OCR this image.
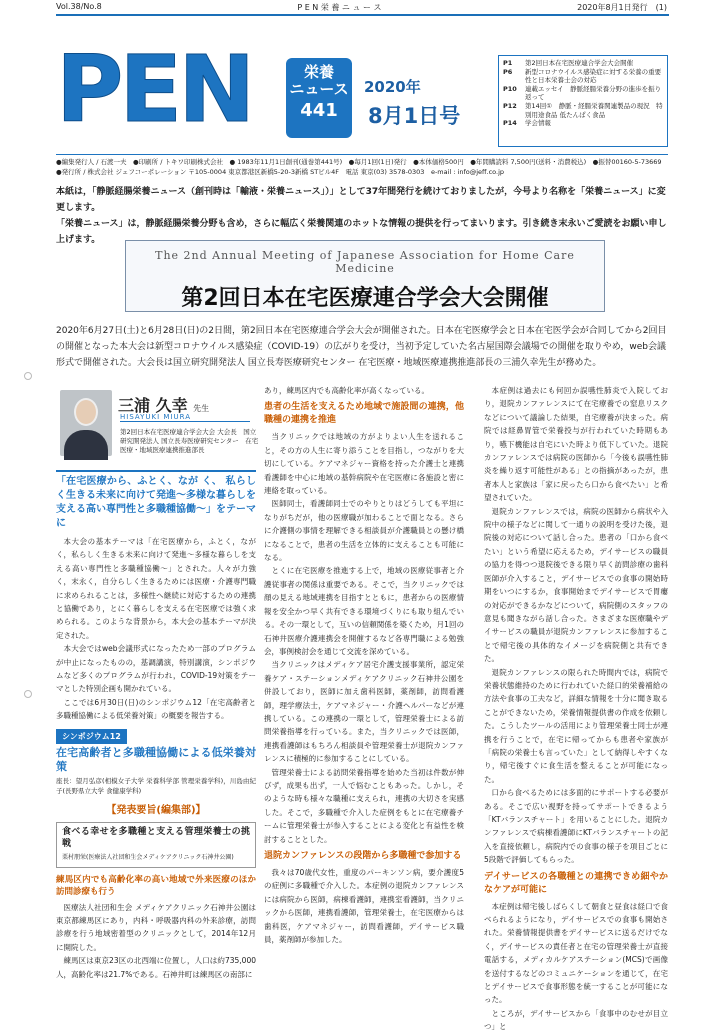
Vol.38/No.8	P E N 栄 養 ニ ュ ー ス	2020年8月1日発行　(1)
PEN	栄養
ニュース
441
2020年
8月1日号
P1	第2回日本在宅医療連合学会大会開催
P6	新型コロナウイルス感染症に対する栄養の重要性と日本栄養士会の対応
P10	連載エッセイ　静脈経腸栄養分野の進歩を振り返って
P12	第14回①　静脈・経腸栄養関連製品の現況　特別用途食品 低たんぱく食品
P14	学会情報
●編集発行人 / 石渡一夫　●印刷所 / トキワ印刷株式会社　● 1983年11月1日創刊(通巻第441号)　●毎月1回(1日)発行　●本体価格500円　●年間購読料 7,500円(送料・消費税込)　●振替00160-5-73669
●発行所 / 株式会社 ジェフコーポレーション 〒105-0004 東京都港区新橋5-20-3新橋 STビル4F　電話 東京(03) 3578-0303　e-mail : info@jeff.co.jp
本紙は，「静脈経腸栄養ニュース（創刊時は「輸液・栄養ニュース」）」として37年間発行を続けておりましたが，今号より名称を「栄養ニュース」に変更します。
「栄養ニュース」は，静脈経腸栄養分野も含め，さらに幅広く栄養関連のホットな情報の提供を行ってまいります。引き続き末永いご愛読をお願い申し上げます。
The 2nd Annual Meeting of Japanese Association for Home Care Medicine
第2回日本在宅医療連合学会大会開催
2020年6月27日(土)と6月28日(日)の2日間，第2回日本在宅医療連合学会大会が開催された。日本在宅医療学会と日本在宅医学会が合同してから2回目の開催となった本大会は新型コロナウイルス感染症（COVID-19）の広がりを受け，当初予定していた名古屋国際会議場での開催を取りやめ，web会議形式で開催された。大会長は国立研究開発法人 国立長寿医療研究センター 在宅医療・地域医療連携推進部長の三浦久幸先生が務めた。
三浦 久幸 先生
HISAYUKI MIURA
第2回日本在宅医療連合学会大会 大会長　国立研究開発法人 国立長寿医療研究センター　在宅医療・地域医療連携推進部長
「在宅医療から、ふとく、なが く、 私らしく生きる未来に向けて発進～多様な暮らしを支える高い専門性と多職種協働～」をテーマに

本大会の基本テーマは「在宅医療から，ふとく，ながく，私らしく生きる未来に向けて発進～多様な暮らしを支える高い専門性と多職種協働～」とされた。人々が力強く，末永く，自分らしく生きるためには医療・介護専門職に求められることは，多様性へ継続に対応するための連携と協働であり，とにく暮らしを支える在宅医療では強く求められる。このような背景から，本大会の基本テーマが決定された。

本大会ではweb会議形式になったため一部のプログラムが中止になったものの，基調講演，特別講演，シンポジウムなど多くのプログラムが行われ，COVID-19対策をテーマとした特別企画も開かれている。

ここでは6月30日(日)のシンポジウム12「在宅高齢者と多職種協働による低栄養対策」の概要を報告する。

シンポジウム12
在宅高齢者と多職種協働による低栄養対策
座長：望月弘彦(相模女子大学 栄養科学部 管理栄養学科)，川島由紀子(長野県立大学 食健康学科)
【発表要旨(編集部)】
食べる幸せを多職種と支える管理栄養士の挑戦
栗村朋栄(医療法人社団和生会メディケアクリニック石神井公園)
練馬区内でも高齢化率の高い地域で外来医療のほか訪問診療も行う

医療法人社団和生会 メディケアクリニック石神井公園は東京都練馬区にあり，内科・呼吸器内科の外来診療，訪問診療を行う地域密着型のクリニックとして，2014年12月に開院した。

練馬区は東京23区の北西端に位置し，人口は約735,000人，高齢化率は21.7%である。石神井町は練馬区の南部に

あり，練馬区内でも高齢化率が高くなっている。
患者の生活を支えるため地域で施設間の連携，他職種の連携を推進

当クリニックでは地域の方がよりよい人生を送れること，その方の人生に寄り添うことを目指し，つながりを大切にしている。ケアマネジャー資格を持った介護士と連携看護師を中心に地域の基幹病院や在宅医療に各施設と密に連絡を取っている。

医師同士，看護師同士でのやりとりはどうしても平坦になりがちだが，他の医療職が加わることで面となる。さらに介護側の事情を理解できる相談員が介護職員との懸け橋になることで，患者の生活を立体的に支えることも可能になる。

とくに在宅医療を推進する上で，地域の医療従事者と介護従事者の関係は重要である。そこで，当クリニックでは顔の見える地域連携を目指すとともに，患者からの医療情報を安全かつ早く共有できる環境づくりにも取り組んでいる。その一環として，互いの信頼関係を築くため，月1回の石神井医療介護連携会を開催するなど各専門職による勉強会，事例検討会を通じて交流を深めている。

当クリニックはメディケア居宅介護支援事業所，認定栄養ケア・ステーションメディケアクリニック石神井公園を併設しており，医師に加え歯科医師，薬剤師，訪問看護師，理学療法士，ケアマネジャー・介護ヘルパーなどが連携している。この連携の一環として，管理栄養士による訪問栄養指導を行っている。また，当クリニックでは医師，連携看護師はもちろん相談員や管理栄養士が退院カンファレンスに積極的に参加することにしている。

管理栄養士による訪問栄養指導を始めた当初は件数が伸びず，成果も出ず，一人で悩むこともあった。しかし，そのような時も様々な職種に支えられ，連携の大切さを実感した。そこで，多職種で介入した症例をもとに在宅療養チームに管理栄養士が参入することによる変化と有益性を検討することとした。

退院カンファレンスの段階から多職種で参加する

我々は70歳代女性，重度のパーキンソン病，要介護度5の症例に多職種で介入した。本症例の退院カンファレンスには病院から医師，病棟看護師，連携室看護師，当クリニックから医師，連携看護師，管理栄養士，在宅医療からは歯科医，ケアマネジャー，訪問看護師，デイサービス職員，薬剤師が参加した。

本症例は過去にも何回か誤嚥性肺炎で入院しており，退院カンファレンスにて在宅療養での窒息リスクなどについて議論した結果，自宅療養が決まった。病院では経鼻胃管で栄養投与が行われていた時期もあり，嚥下機能は自宅にいた時より低下していた。退院カンファレンスでは病院の医師から「今後も誤嚥性肺炎を繰り返す可能性がある」との指摘があったが，患者本人と家族は「家に戻ったら口から食べたい」と希望されていた。

退院カンファレンスでは，病院の医師から病状や入院中の様子などに関して一通りの説明を受けた後，退院後の対応について話し合った。患者の「口から食べたい」という希望に応えるため，デイサービスの職員の協力を得つつ退院後できる限り早く訪問診療の歯科医師が介入すること，デイサービスでの食事の開始時期をいつにするか，食事開始までデイサービスで胃瘻の対応ができるかなどについて，病院側のスタッフの意見も聞きながら話し合った。さまざまな医療職やデイサービスの職員が退院カンファレンスに参加することで帰宅後の具体的なイメージを病院側と共有できた。

退院カンファレンスの限られた時間内では，病院で栄養状態維持のために行われていた経口的栄養補給の方法や食事の工夫など，詳細な情報を十分に聞き取ることができないため，栄養情報提供書の作成を依頼した。こうしたツールの活用により管理栄養士同士が連携を行うことで，在宅に帰ってからも患者や家族が「病院の栄養士も言っていた」として納得しやすくなり，帰宅後すぐに食生活を整えることが可能になった。

口から食べるためには多面的にサポートする必要がある。そこで広い視野を持ってサポートできるよう「KTバランスチャート」を用いることにした。退院カンファレンスで病棟看護師にKTバランスチャートの記入を直接依頼し，病院内での食事の様子を項目ごとに5段階で評価してもらった。

デイサービスの各職種との連携できめ細やかなケアが可能に

本症例は帰宅後しばらくして朝食と昼食は経口で食べられるようになり，デイサービスでの食事も開始された。栄養情報提供書をデイサービスに送るだけでなく，デイサービスの責任者と在宅の管理栄養士が直接電話する，メディカルケアステーション(MCS)で画像を送付するなどのコミュニケーションを通じて，在宅とデイサービスで食事形態を統一することが可能になった。

ところが，デイサービスから「食事中のむせが目立つ」と
